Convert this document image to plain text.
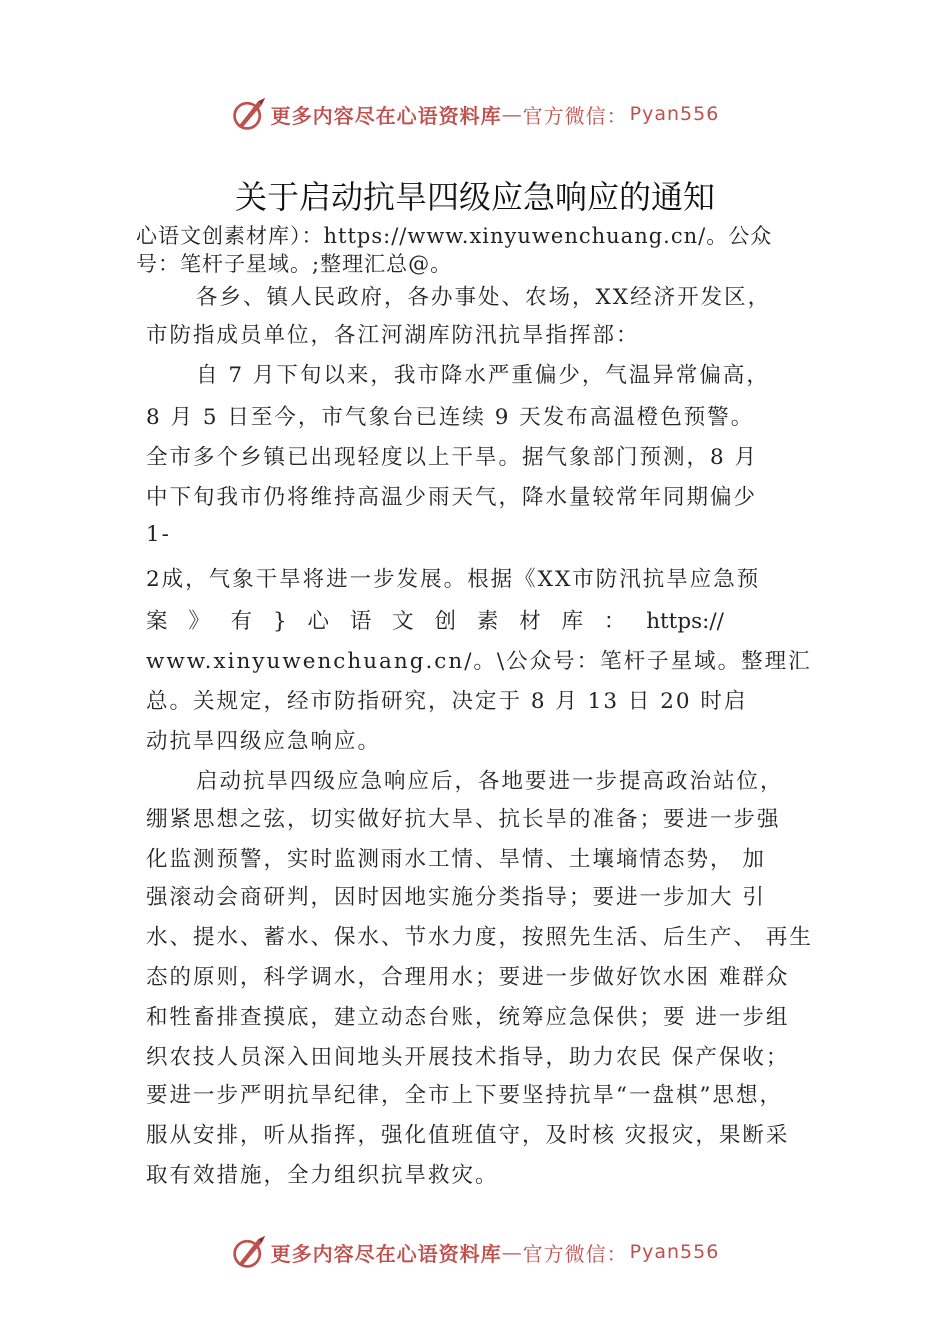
更多内容尽在心语资料库 — 官方微信： Pyan556
关于启动抗旱四级应急响应的通知
心语文创素材库）：https://www.xinyuwenchuang.cn/。公众
号：笔杆子星域。;整理汇总@。
各乡、镇人民政府，各办事处、农场，XX经济开发区，
市防指成员单位，各江河湖库防汛抗旱指挥部：
自 7 月下旬以来，我市降水严重偏少，气温异常偏高，
8 月 5 日至今，市气象台已连续 9 天发布高温橙色预警。
全市多个乡镇已出现轻度以上干旱。据气象部门预测，8 月
中下旬我市仍将维持高温少雨天气，降水量较常年同期偏少
1-
2成，气象干旱将进一步发展。根据《XX市防汛抗旱应急预
案 》 有 } 心 语 文 创 素 材 库 ： https://
www.xinyuwenchuang.cn/。\公众号：笔杆子星域。整理汇
总。关规定，经市防指研究，决定于 8 月 13 日 20 时启
动抗旱四级应急响应。
启动抗旱四级应急响应后，各地要进一步提高政治站位，
绷紧思想之弦，切实做好抗大旱、抗长旱的准备；要进一步强
化监测预警，实时监测雨水工情、旱情、土壤墒情态势， 加
强滚动会商研判，因时因地实施分类指导；要进一步加大 引
水、提水、蓄水、保水、节水力度，按照先生活、后生产、 再生
态的原则，科学调水，合理用水；要进一步做好饮水困 难群众
和牲畜排查摸底，建立动态台账，统筹应急保供；要 进一步组
织农技人员深入田间地头开展技术指导，助力农民 保产保收；
要进一步严明抗旱纪律，全市上下要坚持抗旱“一盘棋”思想，
服从安排，听从指挥，强化值班值守，及时核 灾报灾，果断采
取有效措施，全力组织抗旱救灾。
更多内容尽在心语资料库 — 官方微信： Pyan556
